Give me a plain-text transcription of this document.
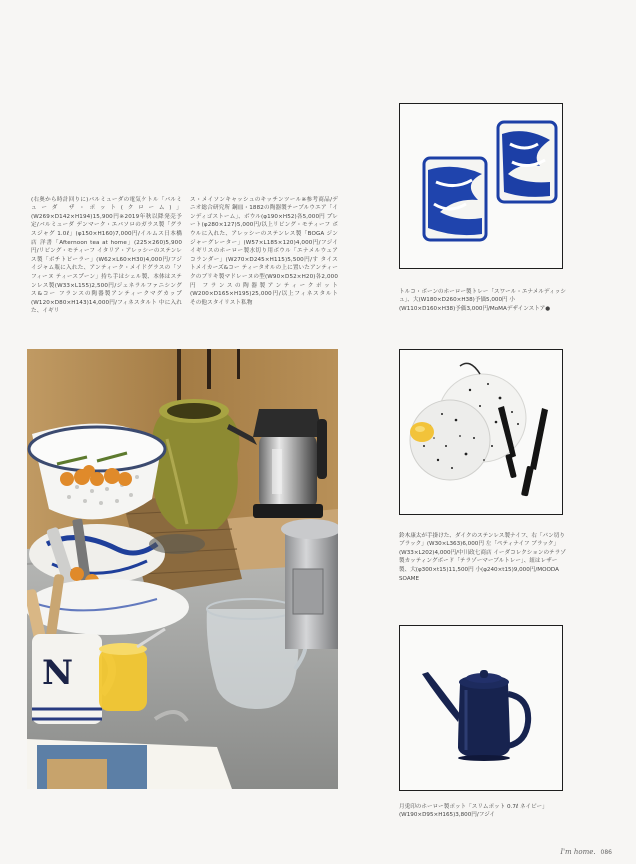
(右奥から時計回りに)バルミューダの電気ケトル「バルミューダ ザ・ポット(クローム)」(W269×D142×H194)15,900円※2019年秋以降発売予定/バルミューダ デンマーク・エバソロのガラス製「グラスジャグ 1.0ℓ」(φ150×H160)7,000円/イルムス日本橋店 洋書「Afternoon tea at home」(225×260)5,900円/リビング・モティーフ イタリア・アレッシーのステンレス製「ボチトピーラー」(W62×L60×H30)4,000円/フジイジャム瓶に入れた、アンティーク・メイドグラスの「ソフィーヌ ティースプーン」持ち手はシェル製、本体はステンレス製(W33×L155)2,500円/ジェネラルファニシングス&コー フランスの陶器製アンティークマグカップ(W120×D80×H143)14,000円/フィネスタルト 中に入れた、イギリ

ス・メイソンキャッシュのキッチンツール※参考商品/デニオ総合研究所 鋼皿・1882の陶器製テーブルウエア「インディゴストーム」、ボウル(φ190×H52)各5,000円 プレート(φ280×127)5,000円/以上リビング・モティーフ ボウルに入れた、アレッシーのステンレス製「BOGA ジンジャーグレーター」(W57×L185×120)4,000円/フジイ イギリスのホーロー製水切り用ボウル「エナメルウェア コランダー」(W270×D245×H115)5,500円/す タイストメイカーズ&コー ティータオルの上に置いたアンティークのブリキ製マドレーヌの型(W90×D52×H20)各2,000円 フランスの陶器製アンティークポット(W200×D165×H195)25,000円/以上フィネスタルト その他スタイリスト私物

N

トルコ・ボーンのホーロー製トレー「スワール・エナメルディッシュ」、大(W180×D260×H38)予価5,000円 小(W110×D160×H38)予価3,000円/MoMAデザインストア●

鈴木康太が手掛けた、ダイクのステンレス製ナイフ、右「パン切り ブラック」(W30×L363)6,000円 左「ペティナイフ ブラック」(W33×L202)4,000円/中川政七商店 イーダコレクションのテラゾ製カッティングボード「テラゾーマーブルトレー」、紐はレザー製、大(φ300×t15)11,500円 小(φ240×t15)9,000円/MOODA SOAME

月兎印のホーロー製ポット「スリムポット 0.7ℓ ネイビー」(W190×D95×H165)3,800円/フジイ

I'm home. 086
